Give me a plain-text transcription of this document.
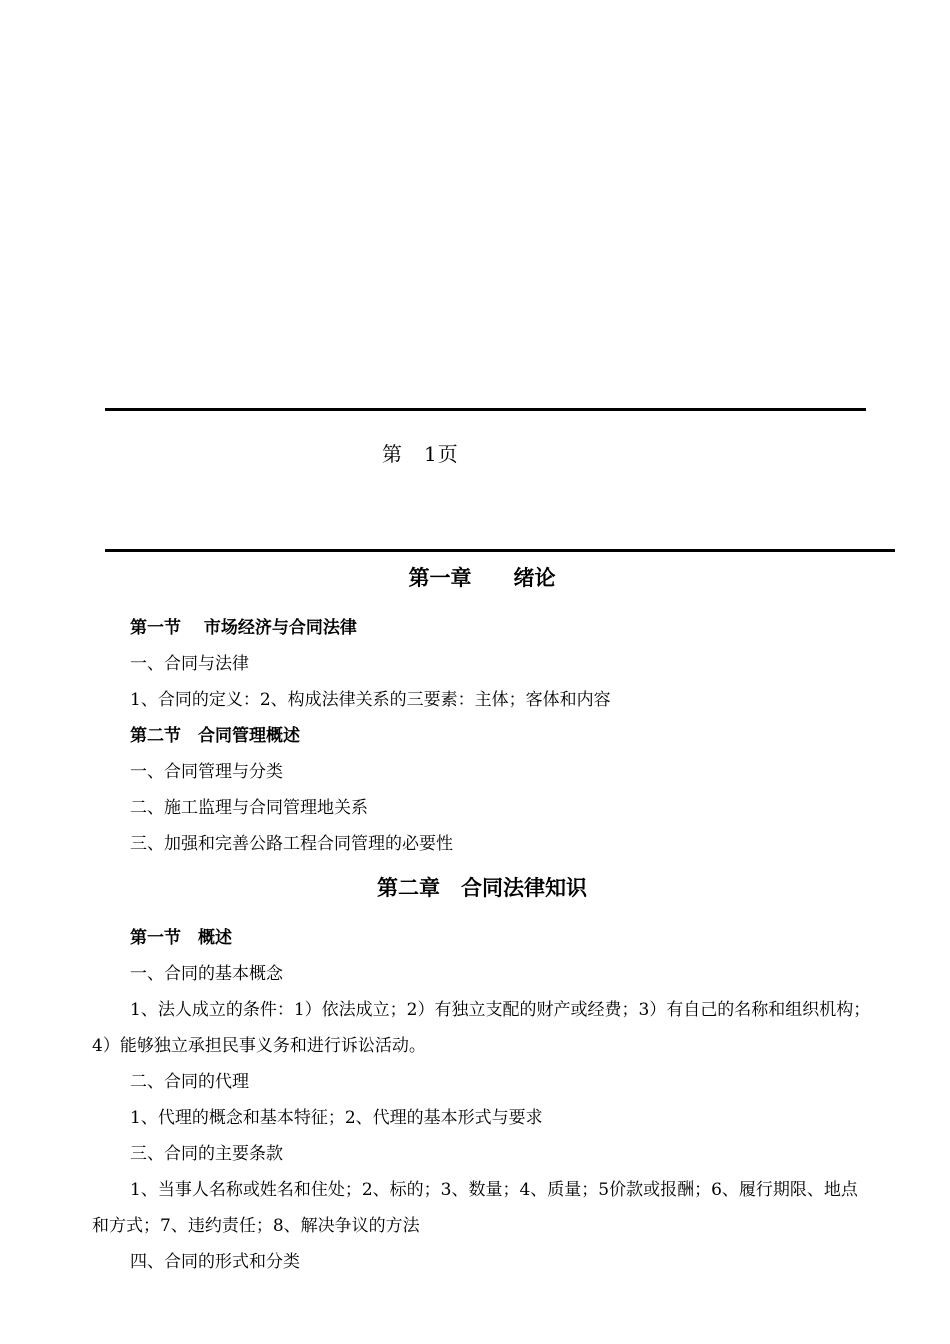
第　1页
第一章　　绪论

第一节　 市场经济与合同法律

一、合同与法律

1、合同的定义：2、构成法律关系的三要素：主体；客体和内容

第二节　合同管理概述

一、合同管理与分类

二、施工监理与合同管理地关系

三、加强和完善公路工程合同管理的必要性

第二章　合同法律知识

第一节　概述

一、合同的基本概念

1、法人成立的条件：1）依法成立；2）有独立支配的财产或经费；3）有自己的名称和组织机构；4）能够独立承担民事义务和进行诉讼活动。

二、合同的代理

1、代理的概念和基本特征；2、代理的基本形式与要求

三、合同的主要条款

1、当事人名称或姓名和住处；2、标的；3、数量；4、质量；5价款或报酬；6、履行期限、地点和方式；7、违约责任；8、解决争议的方法

四、合同的形式和分类
